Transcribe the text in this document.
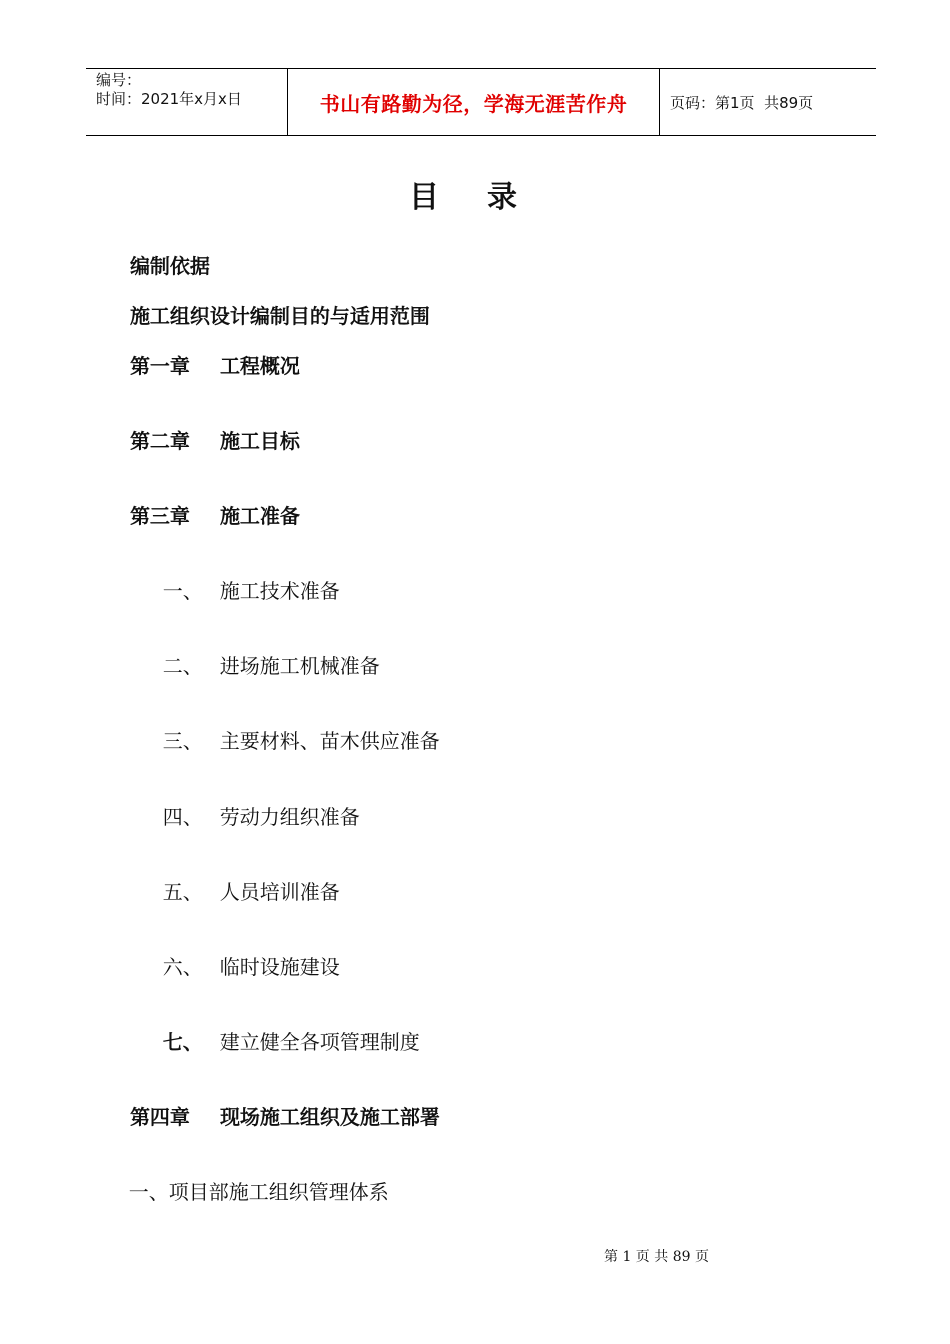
编号：
时间：2021年x月x日	书山有路勤为径，学海无涯苦作舟	页码：第1页  共89页
目录

编制依据

施工组织设计编制目的与适用范围

第一章 工程概况

第二章 施工目标

第三章 施工准备

一、 施工技术准备

二、 进场施工机械准备

三、 主要材料、苗木供应准备

四、 劳动力组织准备

五、 人员培训准备

六、 临时设施建设

七、 建立健全各项管理制度

第四章 现场施工组织及施工部署

一、项目部施工组织管理体系

第 1 页 共 89 页
